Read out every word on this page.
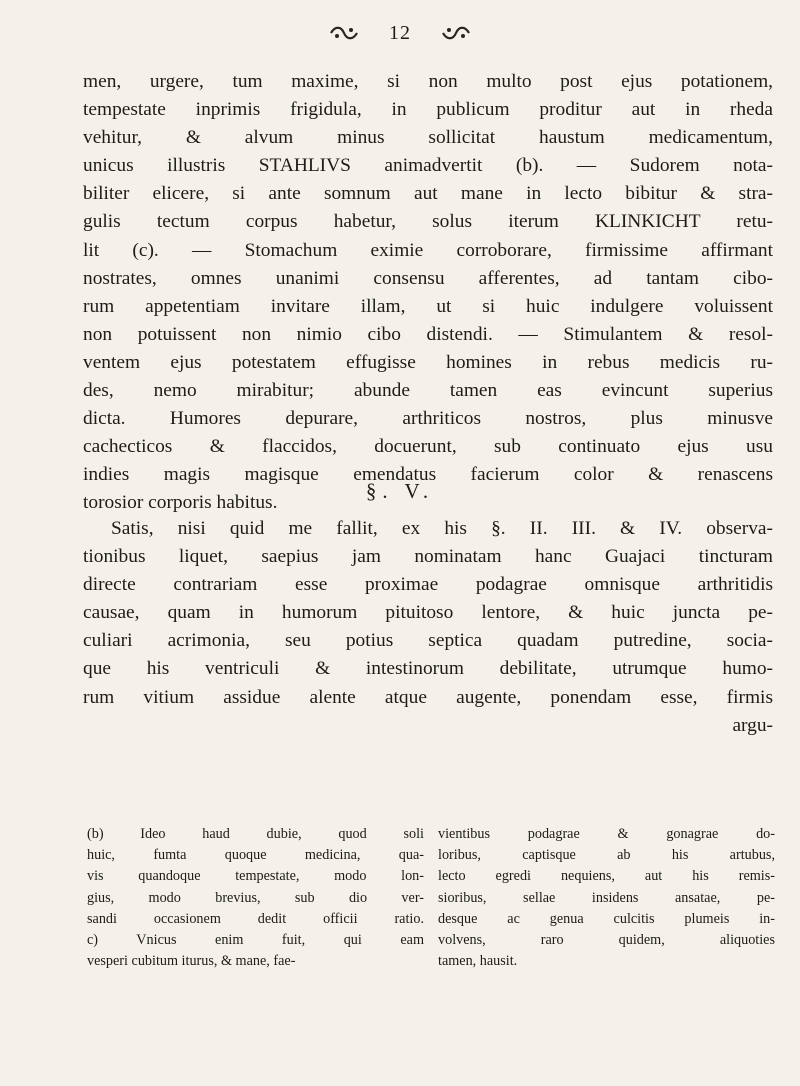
12
men, urgere, tum maxime, si non multo post ejus potationem,
tempestate inprimis frigidula, in publicum proditur aut in rheda
vehitur, & alvum minus sollicitat haustum medicamentum,
unicus illustris STAHLIVS animadvertit (b). — Sudorem nota-
biliter elicere, si ante somnum aut mane in lecto bibitur & stra-
gulis tectum corpus habetur, solus iterum KLINKICHT retu-
lit (c). — Stomachum eximie corroborare, firmissime affirmant
nostrates, omnes unanimi consensu afferentes, ad tantam cibo-
rum appetentiam invitare illam, ut si huic indulgere voluissent
non potuissent non nimio cibo distendi. — Stimulantem & resol-
ventem ejus potestatem effugisse homines in rebus medicis ru-
des, nemo mirabitur; abunde tamen eas evincunt superius
dicta. Humores depurare, arthriticos nostros, plus minusve
cachecticos & flaccidos, docuerunt, sub continuato ejus usu
indies magis magisque emendatus facierum color & renascens
torosior corporis habitus.	§. V.
Satis, nisi quid me fallit, ex his §. II. III. & IV. observa-
tionibus liquet, saepius jam nominatam hanc Guajaci tincturam
directe contrariam esse proximae podagrae omnisque arthritidis
causae, quam in humorum pituitoso lentore, & huic juncta pe-
culiari acrimonia, seu potius septica quadam putredine, socia-
que his ventriculi & intestinorum debilitate, utrumque humo-
rum vitium assidue alente atque augente, ponendam esse, firmis
argu-
(b) Ideo haud dubie, quod soli
huic, fumta quoque medicina, qua-
vis quandoque tempestate, modo lon-
gius, modo brevius, sub dio ver-
sandi occasionem dedit officii ratio.
c) Vnicus enim fuit, qui eam
vesperi cubitum iturus, & mane, fae-
vientibus podagrae & gonagrae do-
loribus, captisque ab his artubus,
lecto egredi nequiens, aut his remis-
sioribus, sellae insidens ansatae, pe-
desque ac genua culcitis plumeis in-
volvens, raro quidem, aliquoties
tamen, hausit.
